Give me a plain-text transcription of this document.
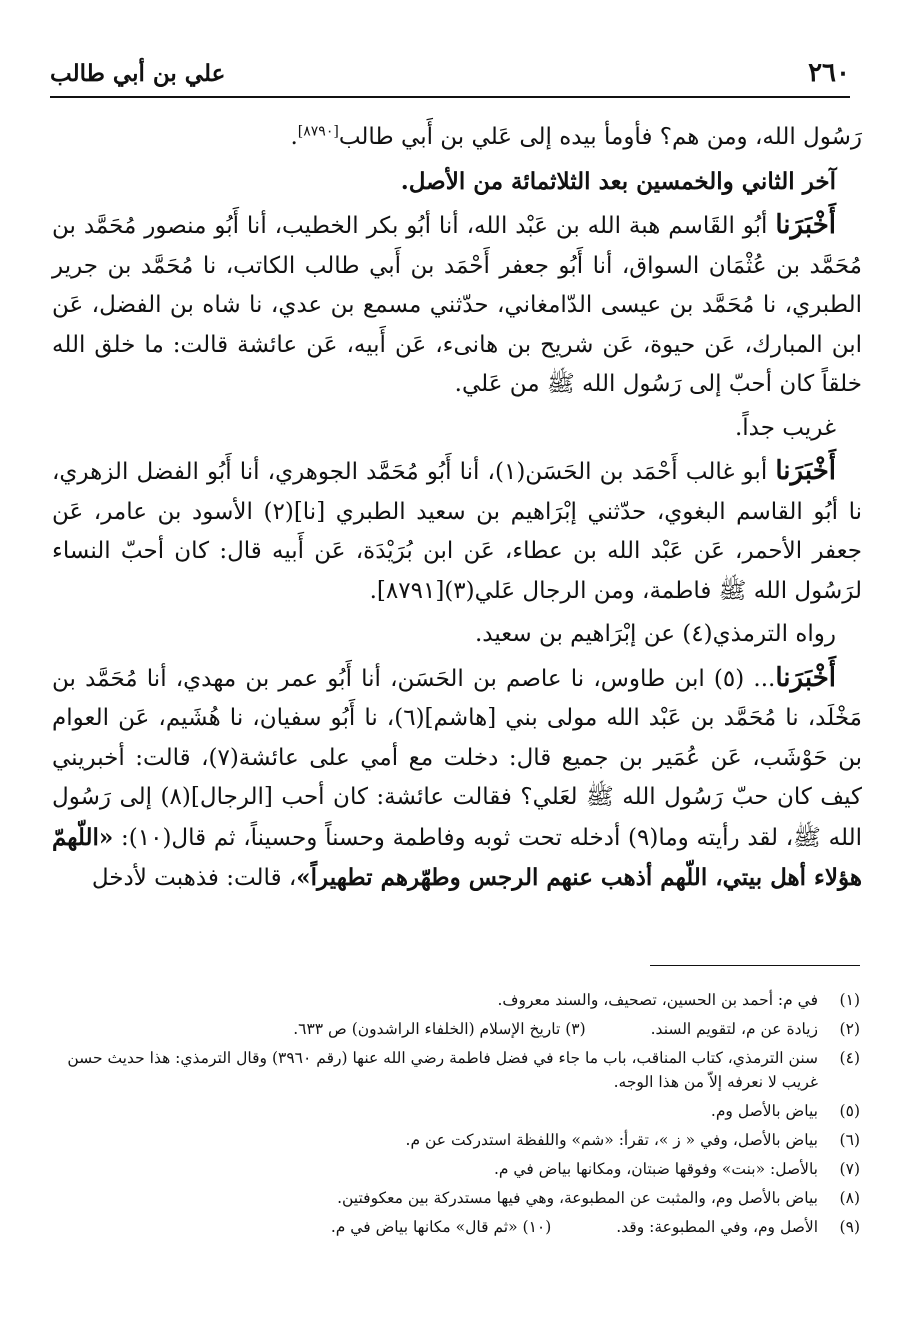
٢٦٠
علي بن أبي طالب

رَسُول الله، ومن هم؟ فأومأ بيده إلى عَلي بن أَبي طالب[٨٧٩٠].

آخر الثاني والخمسين بعد الثلاثمائة من الأصل.

أَخْبَرَنا أبُو القَاسم هبة الله بن عَبْد الله، أنا أبُو بكر الخطيب، أنا أَبُو منصور مُحَمَّد بن مُحَمَّد بن عُثْمَان السواق، أنا أَبُو جعفر أَحْمَد بن أَبي طالب الكاتب، نا مُحَمَّد بن جرير الطبري، نا مُحَمَّد بن عيسى الدّامغاني، حدّثني مسمع بن عدي، نا شاه بن الفضل، عَن ابن المبارك، عَن حيوة، عَن شريح بن هانىء، عَن أَبيه، عَن عائشة قالت: ما خلق الله خلقاً كان أحبّ إلى رَسُول الله ﷺ من عَلي.

غريب جداً.

أَخْبَرَنا أبو غالب أَحْمَد بن الحَسَن(١)، أنا أَبُو مُحَمَّد الجوهري، أنا أَبُو الفضل الزهري، نا أبُو القاسم البغوي، حدّثني إبْرَاهيم بن سعيد الطبري [نا](٢) الأسود بن عامر، عَن جعفر الأحمر، عَن عَبْد الله بن عطاء، عَن ابن بُرَيْدَة، عَن أَبيه قال: كان أحبّ النساء لرَسُول الله ﷺ فاطمة، ومن الرجال عَلي(٣)[٨٧٩١].

رواه الترمذي(٤) عن إبْرَاهيم بن سعيد.

أَخْبَرَنا... (٥) ابن طاوس، نا عاصم بن الحَسَن، أنا أَبُو عمر بن مهدي، أنا مُحَمَّد بن مَخْلَد، نا مُحَمَّد بن عَبْد الله مولى بني [هاشم](٦)، نا أَبُو سفيان، نا هُشَيم، عَن العوام بن حَوْشَب، عَن عُمَير بن جميع قال: دخلت مع أمي على عائشة(٧)، قالت: أخبريني كيف كان حبّ رَسُول الله ﷺ لعَلي؟ فقالت عائشة: كان أحب [الرجال](٨) إلى رَسُول الله ﷺ، لقد رأيته وما(٩) أدخله تحت ثوبه وفاطمة وحسناً وحسيناً، ثم قال(١٠): «اللّهمّ هؤلاء أهل بيتي، اللّهم أذهب عنهم الرجس وطهّرهم تطهيراً»، قالت: فذهبت لأدخل

(١)
في م: أحمد بن الحسين، تصحيف، والسند معروف.
(٢)
زيادة عن م، لتقويم السند. (٣) تاريخ الإسلام (الخلفاء الراشدون) ص ٦٣٣.
(٤)
سنن الترمذي، كتاب المناقب، باب ما جاء في فضل فاطمة رضي الله عنها (رقم ٣٩٦٠) وقال الترمذي: هذا حديث حسن غريب لا نعرفه إلاّ من هذا الوجه.
(٥)
بياض بالأصل وم.
(٦)
بياض بالأصل، وفي « ز »، تقرأ: «شم» واللفظة استدركت عن م.
(٧)
بالأصل: «بنت» وفوقها ضبتان، ومكانها بياض في م.
(٨)
بياض بالأصل وم، والمثبت عن المطبوعة، وهي فيها مستدركة بين معكوفتين.
(٩)
الأصل وم، وفي المطبوعة: وقد. (١٠) «ثم قال» مكانها بياض في م.
